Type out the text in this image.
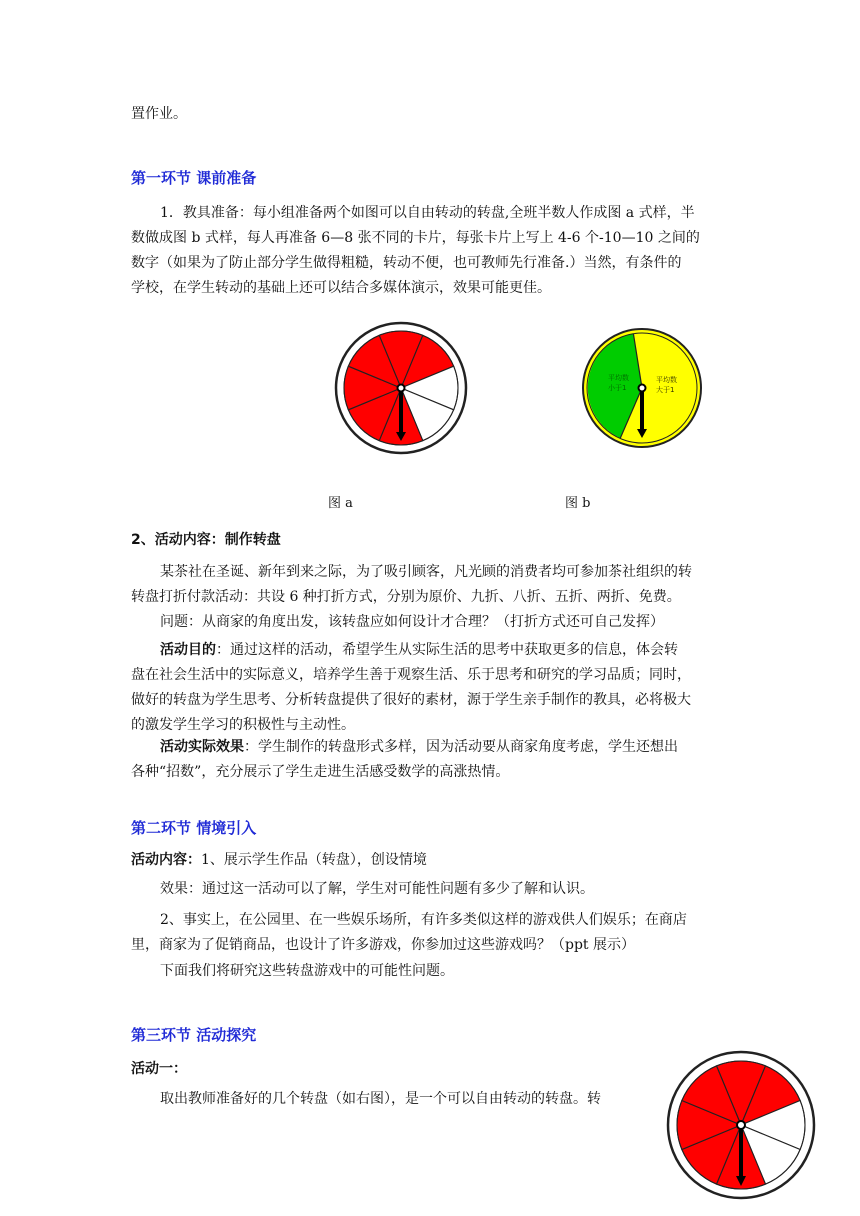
置作业。
第一环节 课前准备
1．教具准备：每小组准备两个如图可以自由转动的转盘,全班半数人作成图 a 式样，半
数做成图 b 式样，每人再准备 6—8 张不同的卡片，每张卡片上写上 4-6 个-10—10 之间的
数字（如果为了防止部分学生做得粗糙，转动不便，也可教师先行准备.）当然，有条件的
学校，在学生转动的基础上还可以结合多媒体演示，效果可能更佳。
平均数
小于1
平均数
大于1
图 a	图 b
2、活动内容：制作转盘
某茶社在圣诞、新年到来之际，为了吸引顾客，凡光顾的消费者均可参加茶社组织的转
转盘打折付款活动：共设 6 种打折方式，分别为原价、九折、八折、五折、两折、免费。
问题：从商家的角度出发，该转盘应如何设计才合理？（打折方式还可自己发挥）
活动目的：通过这样的活动，希望学生从实际生活的思考中获取更多的信息，体会转
盘在社会生活中的实际意义，培养学生善于观察生活、乐于思考和研究的学习品质；同时，
做好的转盘为学生思考、分析转盘提供了很好的素材，源于学生亲手制作的教具，必将极大
的激发学生学习的积极性与主动性。
活动实际效果：学生制作的转盘形式多样，因为活动要从商家角度考虑，学生还想出
各种“招数”，充分展示了学生走进生活感受数学的高涨热情。
第二环节 情境引入
活动内容：1、展示学生作品（转盘），创设情境
效果：通过这一活动可以了解，学生对可能性问题有多少了解和认识。
2、事实上，在公园里、在一些娱乐场所，有许多类似这样的游戏供人们娱乐；在商店
里，商家为了促销商品，也设计了许多游戏，你参加过这些游戏吗？（ppt 展示）
下面我们将研究这些转盘游戏中的可能性问题。
第三环节 活动探究
活动一：
取出教师准备好的几个转盘（如右图），是一个可以自由转动的转盘。转
